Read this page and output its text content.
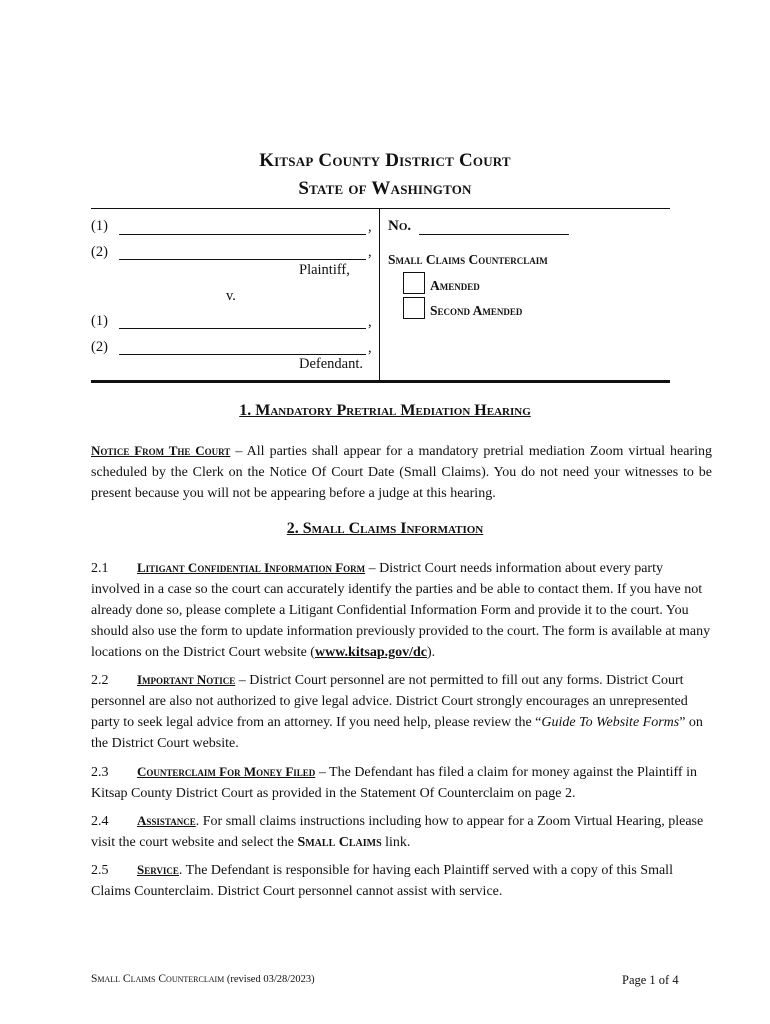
Kitsap County District Court
State of Washington
(1)	,
(2)	,
Plaintiff,
v.
(1)	,
(2)	,
Defendant.
No.
Small Claims Counterclaim
Amended
Second Amended
1. Mandatory Pretrial Mediation Hearing
Notice From The Court – All parties shall appear for a mandatory pretrial mediation Zoom virtual hearing scheduled by the Clerk on the Notice Of Court Date (Small Claims). You do not need your witnesses to be present because you will not be appearing before a judge at this hearing.
2. Small Claims Information
2.1 Litigant Confidential Information Form – District Court needs information about every party involved in a case so the court can accurately identify the parties and be able to contact them. If you have not already done so, please complete a Litigant Confidential Information Form and provide it to the court. You should also use the form to update information previously provided to the court. The form is available at many locations on the District Court website (www.kitsap.gov/dc).
2.2 Important Notice – District Court personnel are not permitted to fill out any forms. District Court personnel are also not authorized to give legal advice. District Court strongly encourages an unrepresented party to seek legal advice from an attorney. If you need help, please review the “Guide To Website Forms” on the District Court website.
2.3 Counterclaim For Money Filed – The Defendant has filed a claim for money against the Plaintiff in Kitsap County District Court as provided in the Statement Of Counterclaim on page 2.
2.4 Assistance. For small claims instructions including how to appear for a Zoom Virtual Hearing, please visit the court website and select the Small Claims link.
2.5 Service. The Defendant is responsible for having each Plaintiff served with a copy of this Small Claims Counterclaim. District Court personnel cannot assist with service.
Small Claims Counterclaim (revised 03/28/2023)	Page 1 of 4
